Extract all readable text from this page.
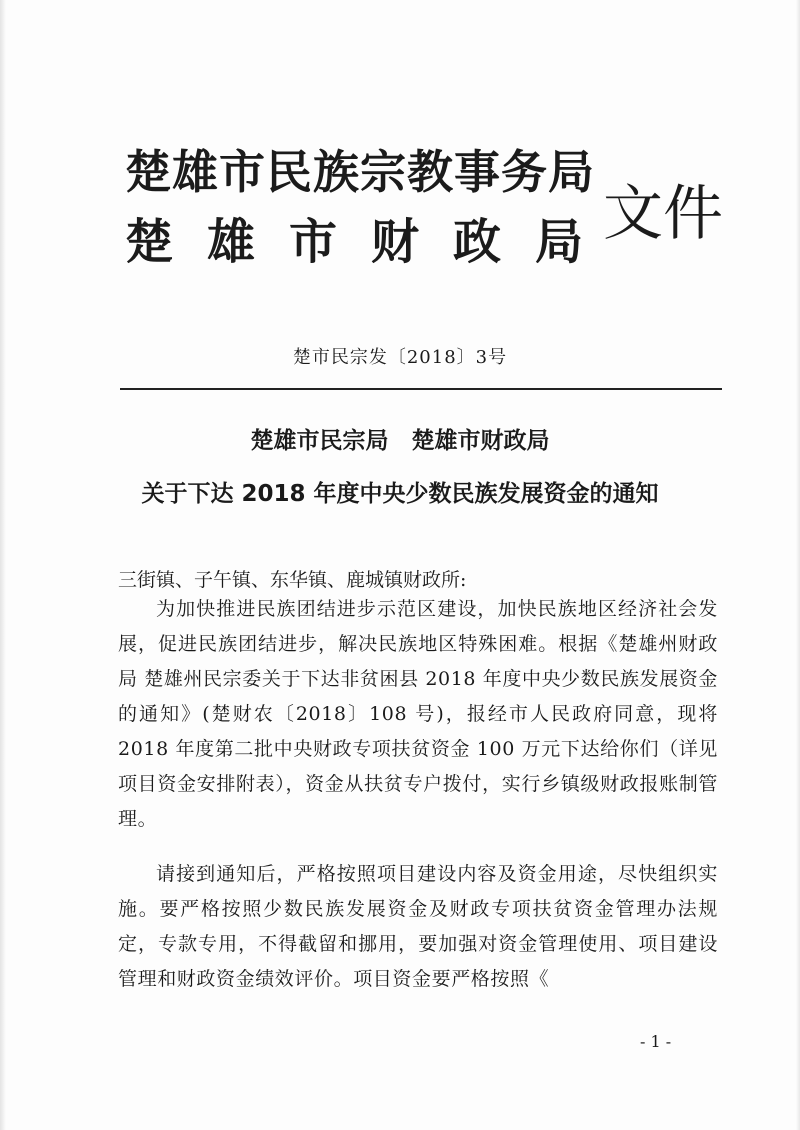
楚雄市民族宗教事务局
楚雄市财政局
文件
楚市民宗发〔2018〕3号
楚雄市民宗局　楚雄市财政局
关于下达 2018 年度中央少数民族发展资金的通知
三街镇、子午镇、东华镇、鹿城镇财政所:
为加快推进民族团结进步示范区建设，加快民族地区经济社会发展，促进民族团结进步，解决民族地区特殊困难。根据《楚雄州财政局 楚雄州民宗委关于下达非贫困县 2018 年度中央少数民族发展资金的通知》(楚财农〔2018〕108 号)，报经市人民政府同意，现将 2018 年度第二批中央财政专项扶贫资金 100 万元下达给你们（详见项目资金安排附表），资金从扶贫专户拨付，实行乡镇级财政报账制管理。
请接到通知后，严格按照项目建设内容及资金用途，尽快组织实施。要严格按照少数民族发展资金及财政专项扶贫资金管理办法规定，专款专用，不得截留和挪用，要加强对资金管理使用、项目建设管理和财政资金绩效评价。项目资金要严格按照《
- 1 -
